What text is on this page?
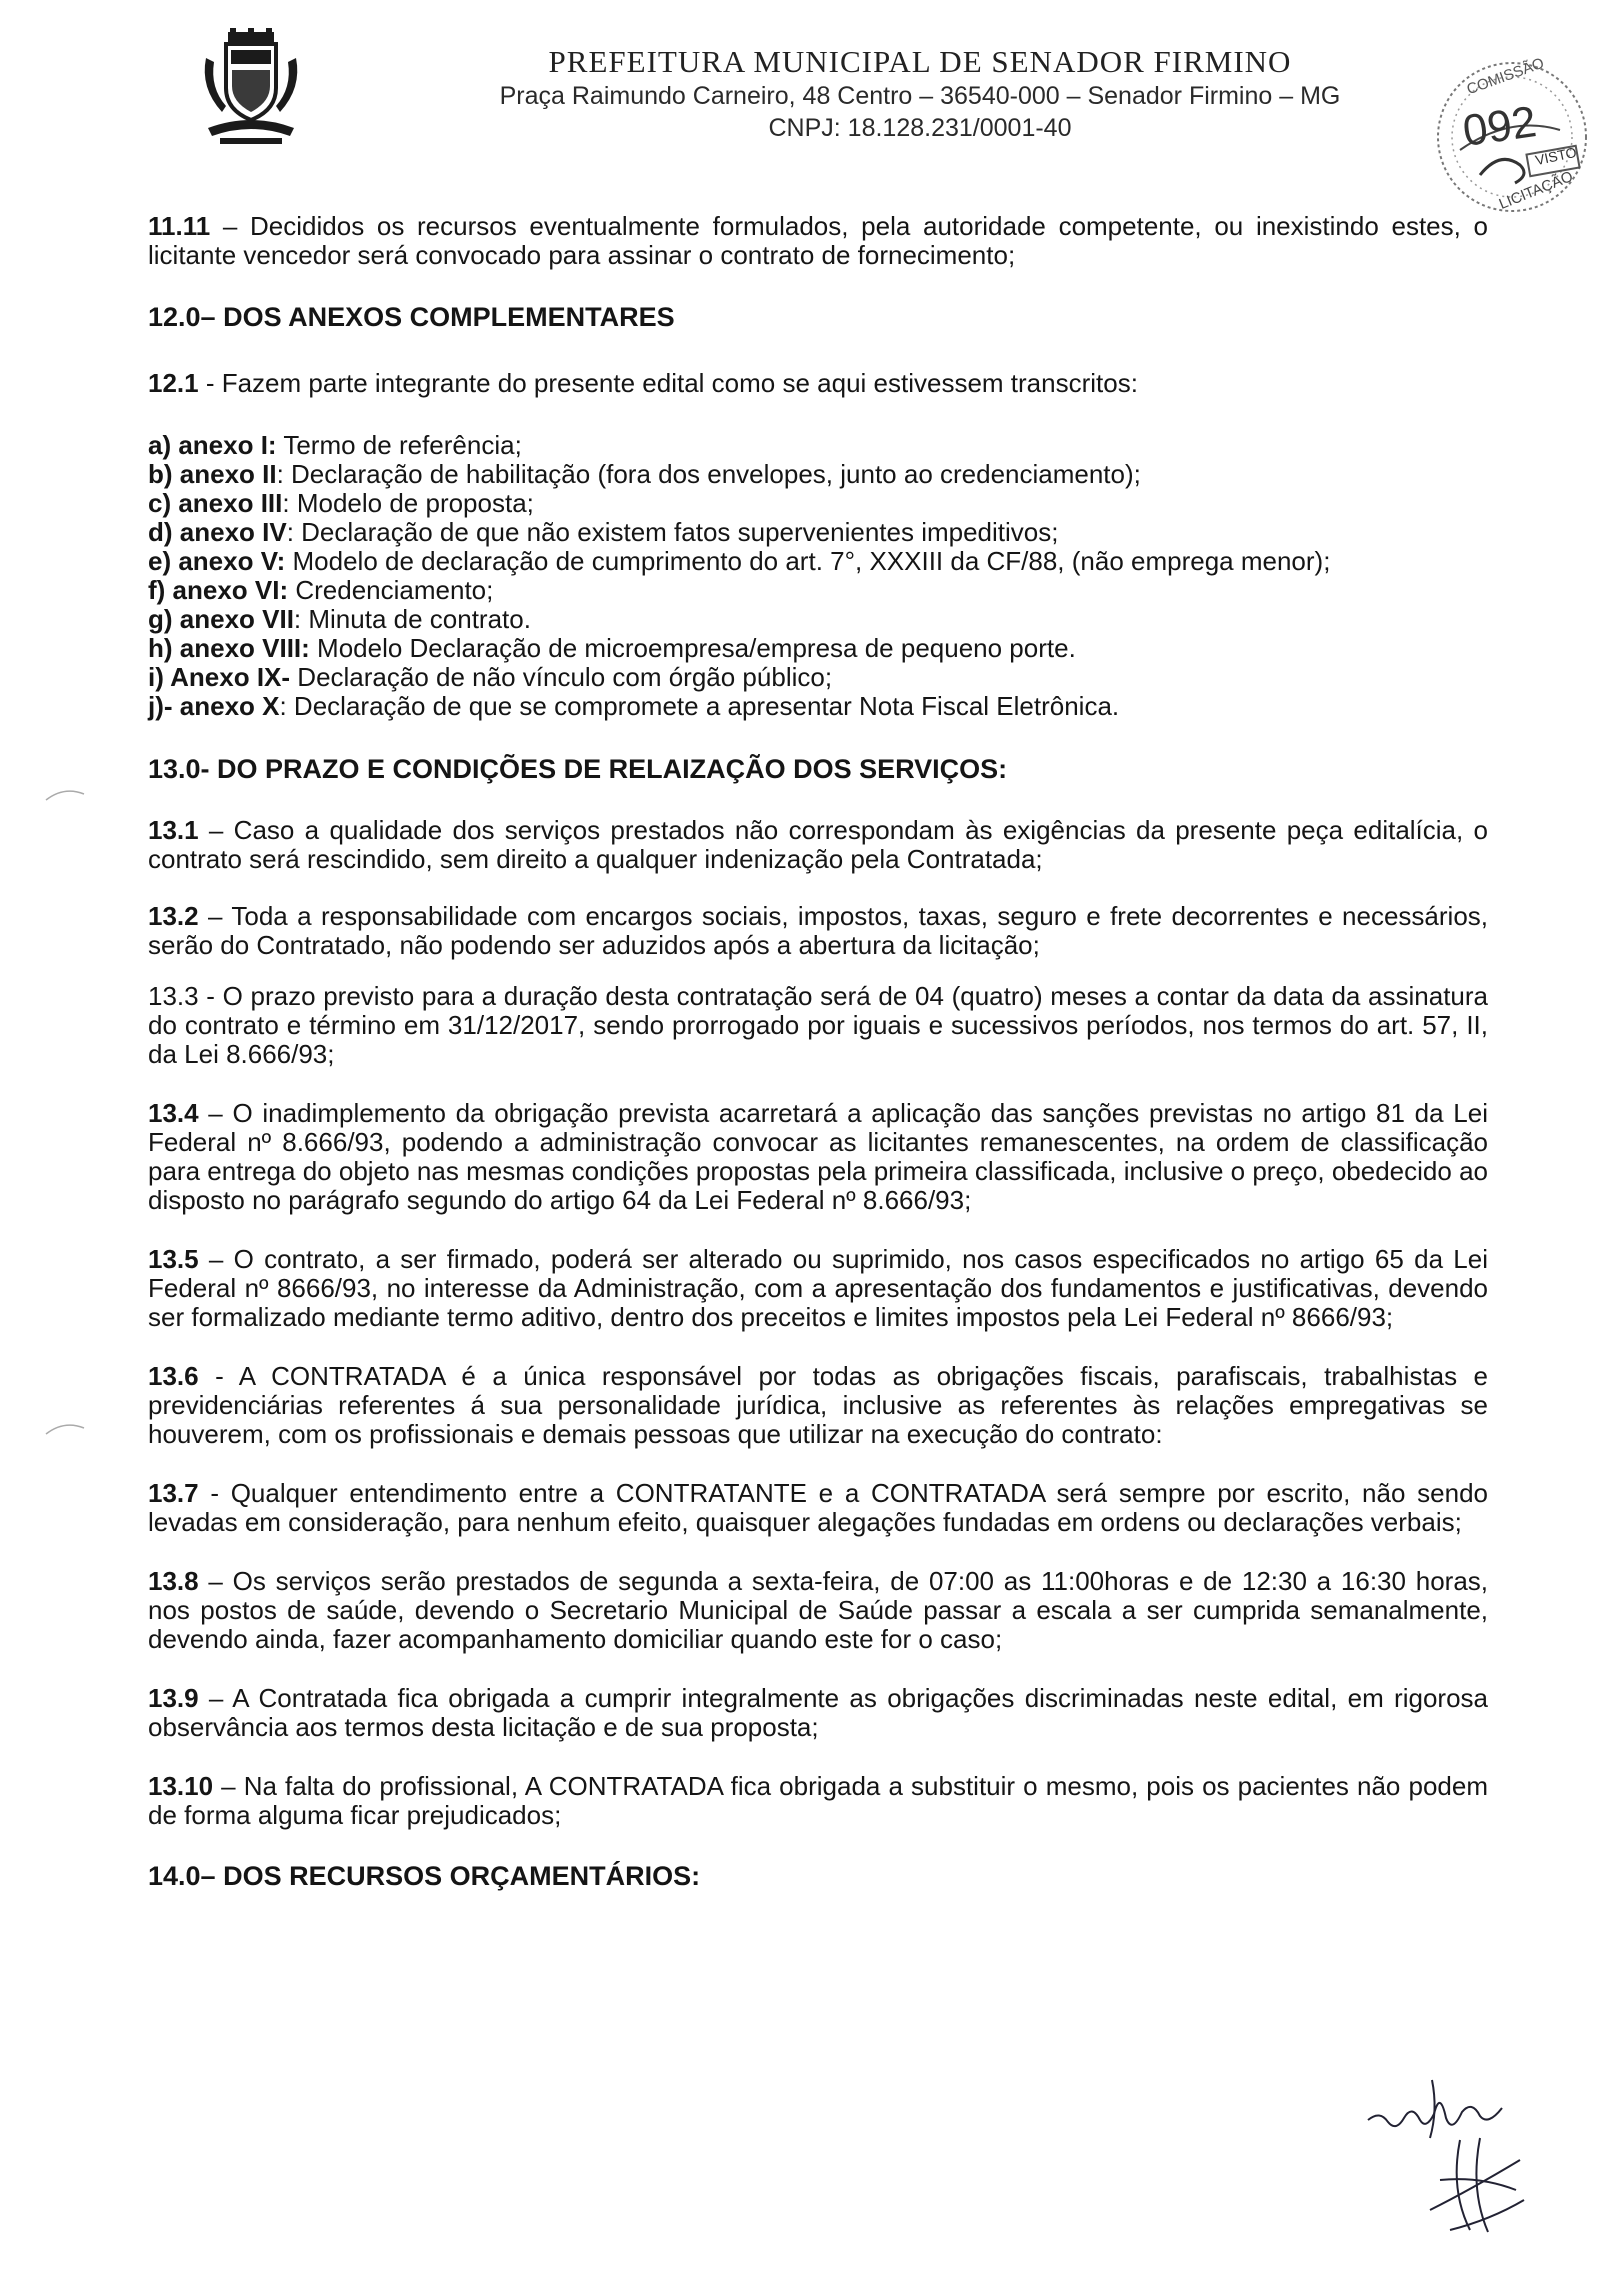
PREFEITURA MUNICIPAL DE SENADOR FIRMINO
Praça Raimundo Carneiro, 48 Centro – 36540-000 – Senador Firmino – MG
CNPJ: 18.128.231/0001-40
COMISSÃO
092
VISTO
LICITAÇÃO

11.11 – Decididos os recursos eventualmente formulados, pela autoridade competente, ou inexistindo estes, o licitante vencedor será convocado para assinar o contrato de fornecimento;

12.0– DOS ANEXOS COMPLEMENTARES

12.1 - Fazem parte integrante do presente edital como se aqui estivessem transcritos:

a) anexo I: Termo de referência;

b) anexo II: Declaração de habilitação (fora dos envelopes, junto ao credenciamento);

c) anexo III: Modelo de proposta;

d) anexo IV: Declaração de que não existem fatos supervenientes impeditivos;

e) anexo V: Modelo de declaração de cumprimento do art. 7°, XXXIII da CF/88, (não emprega menor);

f) anexo VI: Credenciamento;

g) anexo VII: Minuta de contrato.

h) anexo VIII: Modelo Declaração de microempresa/empresa de pequeno porte.

i) Anexo IX- Declaração de não vínculo com órgão público;

j)- anexo X: Declaração de que se compromete a apresentar Nota Fiscal Eletrônica.

13.0- DO PRAZO E CONDIÇÕES DE RELAIZAÇÃO DOS SERVIÇOS:

13.1 – Caso a qualidade dos serviços prestados não correspondam às exigências da presente peça editalícia, o contrato será rescindido, sem direito a qualquer indenização pela Contratada;

13.2 – Toda a responsabilidade com encargos sociais, impostos, taxas, seguro e frete decorrentes e necessários, serão do Contratado, não podendo ser aduzidos após a abertura da licitação;

13.3 - O prazo previsto para a duração desta contratação será de 04 (quatro) meses a contar da data da assinatura do contrato e término em 31/12/2017, sendo prorrogado por iguais e sucessivos períodos, nos termos do art. 57, II, da Lei 8.666/93;

13.4 – O inadimplemento da obrigação prevista acarretará a aplicação das sanções previstas no artigo 81 da Lei Federal nº 8.666/93, podendo a administração convocar as licitantes remanescentes, na ordem de classificação para entrega do objeto nas mesmas condições propostas pela primeira classificada, inclusive o preço, obedecido ao disposto no parágrafo segundo do artigo 64 da Lei Federal nº 8.666/93;

13.5 – O contrato, a ser firmado, poderá ser alterado ou suprimido, nos casos especificados no artigo 65 da Lei Federal nº 8666/93, no interesse da Administração, com a apresentação dos fundamentos e justificativas, devendo ser formalizado mediante termo aditivo, dentro dos preceitos e limites impostos pela Lei Federal nº 8666/93;

13.6 - A CONTRATADA é a única responsável por todas as obrigações fiscais, parafiscais, trabalhistas e previdenciárias referentes á sua personalidade jurídica, inclusive as referentes às relações empregativas se houverem, com os profissionais e demais pessoas que utilizar na execução do contrato:

13.7 - Qualquer entendimento entre a CONTRATANTE e a CONTRATADA será sempre por escrito, não sendo levadas em consideração, para nenhum efeito, quaisquer alegações fundadas em ordens ou declarações verbais;

13.8 – Os serviços serão prestados de segunda a sexta-feira, de 07:00 as 11:00horas e de 12:30 a 16:30 horas, nos postos de saúde, devendo o Secretario Municipal de Saúde passar a escala a ser cumprida semanalmente, devendo ainda, fazer acompanhamento domiciliar quando este for o caso;

13.9 – A Contratada fica obrigada a cumprir integralmente as obrigações discriminadas neste edital, em rigorosa observância aos termos desta licitação e de sua proposta;

13.10 – Na falta do profissional, A CONTRATADA fica obrigada a substituir o mesmo, pois os pacientes não podem de forma alguma ficar prejudicados;

14.0– DOS RECURSOS ORÇAMENTÁRIOS:
